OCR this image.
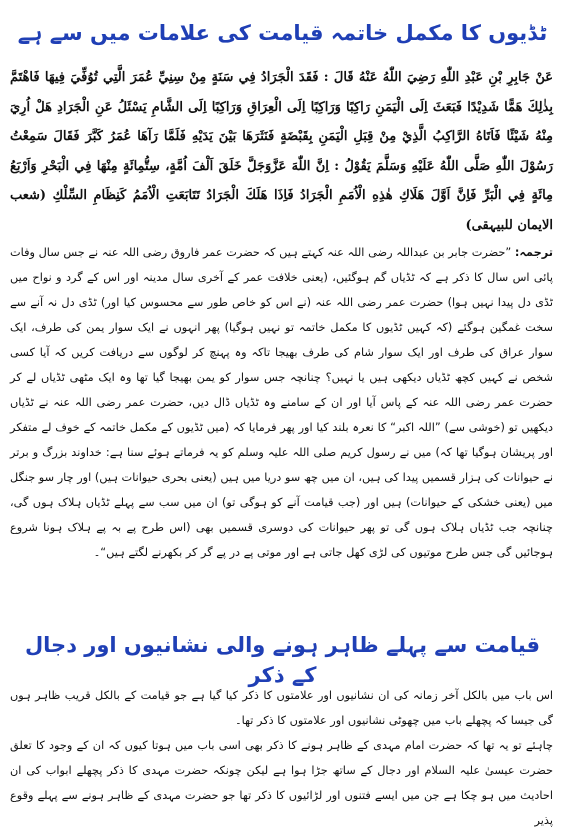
ٹڈیوں کا مکمل خاتمہ قیامت کی علامات میں سے ہے
عَنْ جَابِرِ بْنِ عَبْدِ اللّٰهِ رَضِيَ اللّٰهُ عَنْهُ قَالَ : فَقَدَ الْجَرَادُ فِي سَنَةٍ مِنْ سِنِيِّ عُمَرَ الَّتِي تُوُفِّيَ فِيهَا فَاهْتَمَّ بِذٰلِكَ هَمًّا شَدِيْدًا فَبَعَثَ اِلَى الْيَمَنِ رَاكِبًا وَرَاكِبًا اِلَى الْعِرَاقِ وَرَاكِبًا اِلَى الشَّامِ يَسْئَلُ عَنِ الْجَرَادِ هَلْ اُرِيَ مِنْهُ شَيْئًا فَاَتَاهُ الرَّاكِبُ الَّذِيْ مِنْ قِبَلِ الْيَمَنِ بِقَبْضَةٍ فَنَثَرَهَا بَيْنَ يَدَيْهِ فَلَمَّا رَآهَا عُمَرُ كَبَّرَ فَقَالَ سَمِعْتُ رَسُوْلَ اللّٰهِ صَلَّى اللّٰهُ عَلَيْهِ وَسَلَّمَ يَقُوْلُ : اِنَّ اللّٰهَ عَزَّوَجَلَّ خَلَقَ اَلْفَ اُمَّةٍ، سِتُّمِائَةٍ مِنْهَا فِي الْبَحْرِ وَاَرْبَعُ مِائَةٍ فِي الْبَرِّ فَاِنَّ اَوَّلَ هَلَاكِ هٰذِهِ الْاُمَمِ الْجَرَادُ فَاِذَا هَلَكَ الْجَرَادُ تَتَابَعَتِ الْاُمَمُ كَنِظَامِ السِّلْكِ (شعب الایمان للبیہقی)
ترجمہ: ”حضرت جابر بن عبداللہ رضی اللہ عنہ کہتے ہیں کہ حضرت عمر فاروق رضی اللہ عنہ نے جس سال وفات پائی اس سال کا ذکر ہے کہ ٹڈیاں گم ہوگئیں، (یعنی خلافت عمر کے آخری سال مدینہ اور اس کے گرد و نواح میں ٹڈی دل پیدا نہیں ہوا) حضرت عمر رضی اللہ عنہ (نے اس کو خاص طور سے محسوس کیا اور) ٹڈی دل نہ آنے سے سخت غمگین ہوگئے (کہ کہیں ٹڈیوں کا مکمل خاتمہ تو نہیں ہوگیا) پھر انہوں نے ایک سوار یمن کی طرف، ایک سوار عراق کی طرف اور ایک سوار شام کی طرف بھیجا تاکہ وہ پہنچ کر لوگوں سے دریافت کریں کہ آیا کسی شخص نے کہیں کچھ ٹڈیاں دیکھی ہیں یا نہیں؟ چنانچہ جس سوار کو یمن بھیجا گیا تھا وہ ایک مٹھی ٹڈیاں لے کر حضرت عمر رضی اللہ عنہ کے پاس آیا اور ان کے سامنے وہ ٹڈیاں ڈال دیں، حضرت عمر رضی اللہ عنہ نے ٹڈیاں دیکھیں تو (خوشی سے) ”اللہ اکبر“ کا نعرہ بلند کیا اور پھر فرمایا کہ (میں ٹڈیوں کے مکمل خاتمہ کے خوف لے متفکر اور پریشان ہوگیا تھا کہ) میں نے رسول کریم صلی اللہ علیہ وسلم کو یہ فرماتے ہوئے سنا ہے: خداوند بزرگ و برتر نے حیوانات کی ہزار قسمیں پیدا کی ہیں، ان میں چھ سو دریا میں ہیں (یعنی بحری حیوانات ہیں) اور چار سو جنگل میں (یعنی خشکی کے حیوانات) ہیں اور (جب قیامت آنے کو ہوگی تو) ان میں سب سے پہلے ٹڈیاں ہلاک ہوں گی، چنانچہ جب ٹڈیاں ہلاک ہوں گی تو پھر حیوانات کی دوسری قسمیں بھی (اس طرح پے بہ پے ہلاک ہونا شروع ہوجائیں گی جس طرح موتیوں کی لڑی کھل جاتی ہے اور موتی پے در پے گر کر بکھرنے لگتے ہیں“۔
قیامت سے پہلے ظاہر ہونے والی نشانیوں اور دجال کے ذکر
اس باب میں بالکل آخر زمانہ کی ان نشانیوں اور علامتوں کا ذکر کیا گیا ہے جو قیامت کے بالکل قریب ظاہر ہوں گی جیسا کہ پچھلے باب میں چھوٹی نشانیوں اور علامتوں کا ذکر تھا۔
چاہئے تو یہ تھا کہ حضرت امام مہدی کے ظاہر ہونے کا ذکر بھی اسی باب میں ہوتا کیوں کہ ان کے وجود کا تعلق حضرت عیسیٰ علیہ السلام اور دجال کے ساتھ جڑا ہوا ہے لیکن چونکہ حضرت مہدی کا ذکر پچھلے ابواب کی ان احادیث میں ہو چکا ہے جن میں ایسے فتنوں اور لڑائیوں کا ذکر تھا جو حضرت مہدی کے ظاہر ہونے سے پہلے وقوع پذیر
